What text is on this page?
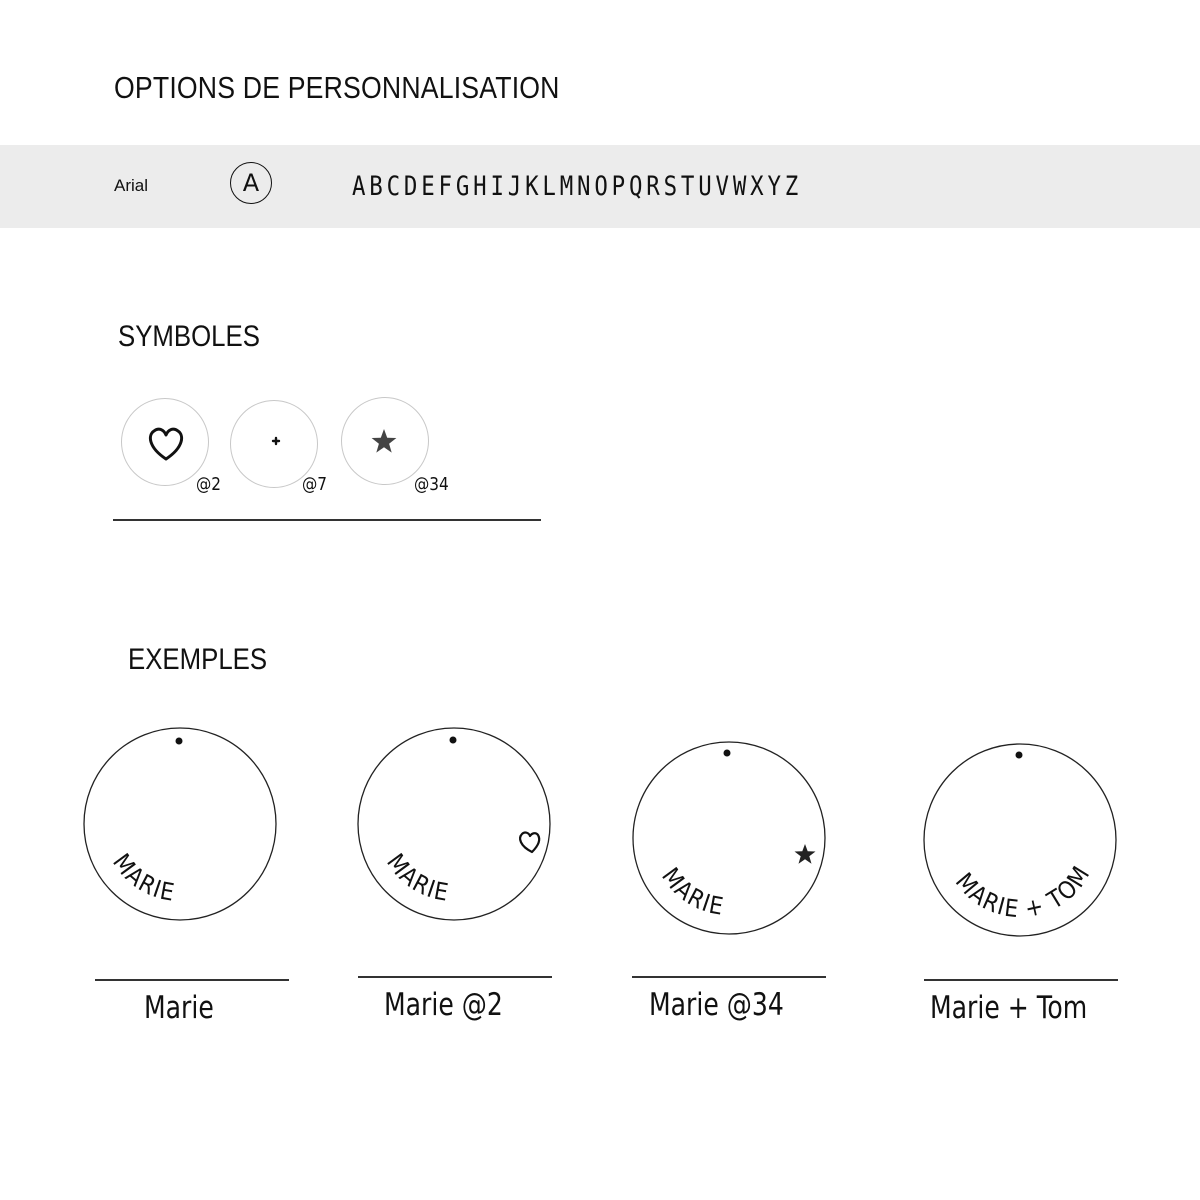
OPTIONS DE PERSONNALISATION
Arial	A	ABCDEFGHIJKLMNOPQRSTUVWXYZ
SYMBOLES
@2	@7	@34
EXEMPLES
MARIE
Marie
MARIE
Marie @2
MARIE
Marie @34
MARIE + TOM
Marie + Tom
